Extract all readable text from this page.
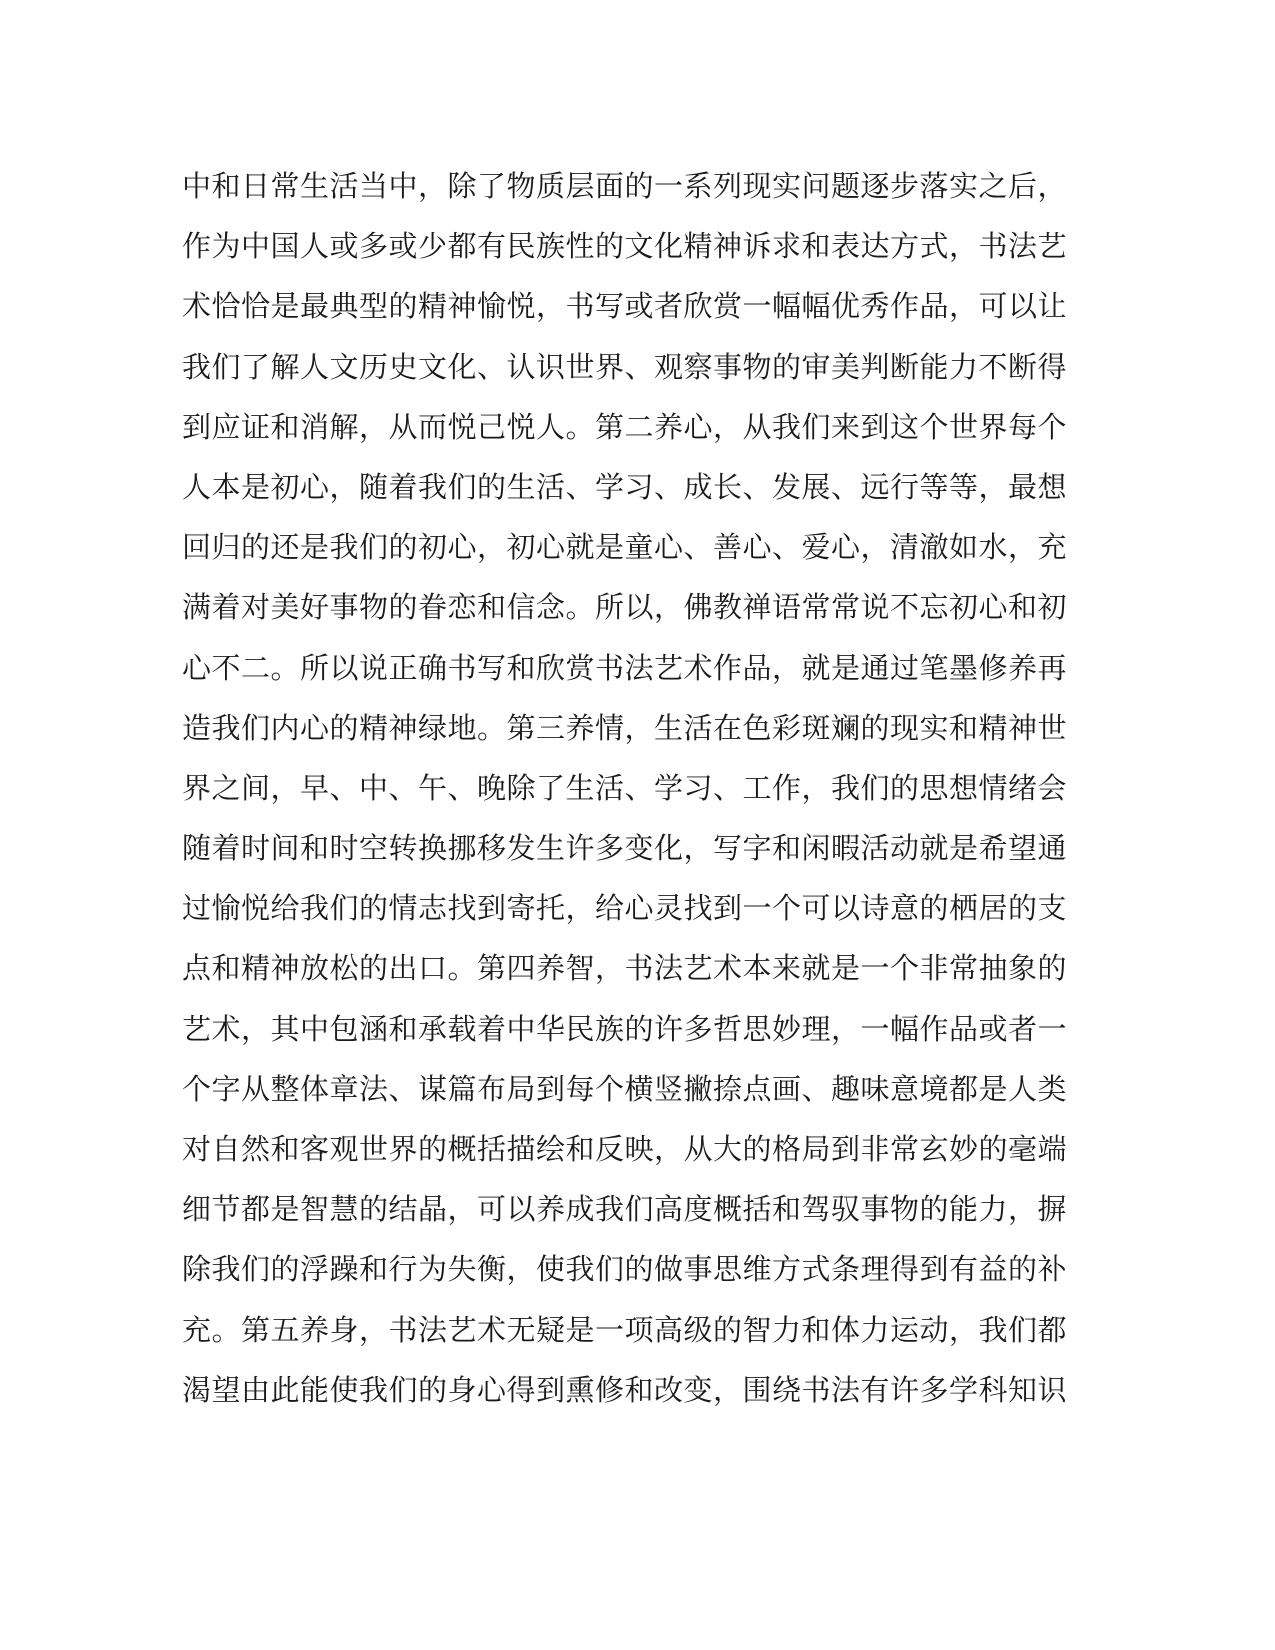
中和日常生活当中，除了物质层面的一系列现实问题逐步落实之后，
作为中国人或多或少都有民族性的文化精神诉求和表达方式，书法艺
术恰恰是最典型的精神愉悦，书写或者欣赏一幅幅优秀作品，可以让
我们了解人文历史文化、认识世界、观察事物的审美判断能力不断得
到应证和消解，从而悦己悦人。第二养心，从我们来到这个世界每个
人本是初心，随着我们的生活、学习、成长、发展、远行等等，最想
回归的还是我们的初心，初心就是童心、善心、爱心，清澈如水，充
满着对美好事物的眷恋和信念。所以，佛教禅语常常说不忘初心和初
心不二。所以说正确书写和欣赏书法艺术作品，就是通过笔墨修养再
造我们内心的精神绿地。第三养情，生活在色彩斑斓的现实和精神世
界之间，早、中、午、晚除了生活、学习、工作，我们的思想情绪会
随着时间和时空转换挪移发生许多变化，写字和闲暇活动就是希望通
过愉悦给我们的情志找到寄托，给心灵找到一个可以诗意的栖居的支
点和精神放松的出口。第四养智，书法艺术本来就是一个非常抽象的
艺术，其中包涵和承载着中华民族的许多哲思妙理，一幅作品或者一
个字从整体章法、谋篇布局到每个横竖撇捺点画、趣味意境都是人类
对自然和客观世界的概括描绘和反映，从大的格局到非常玄妙的毫端
细节都是智慧的结晶，可以养成我们高度概括和驾驭事物的能力，摒
除我们的浮躁和行为失衡，使我们的做事思维方式条理得到有益的补
充。第五养身，书法艺术无疑是一项高级的智力和体力运动，我们都
渴望由此能使我们的身心得到熏修和改变，围绕书法有许多学科知识
